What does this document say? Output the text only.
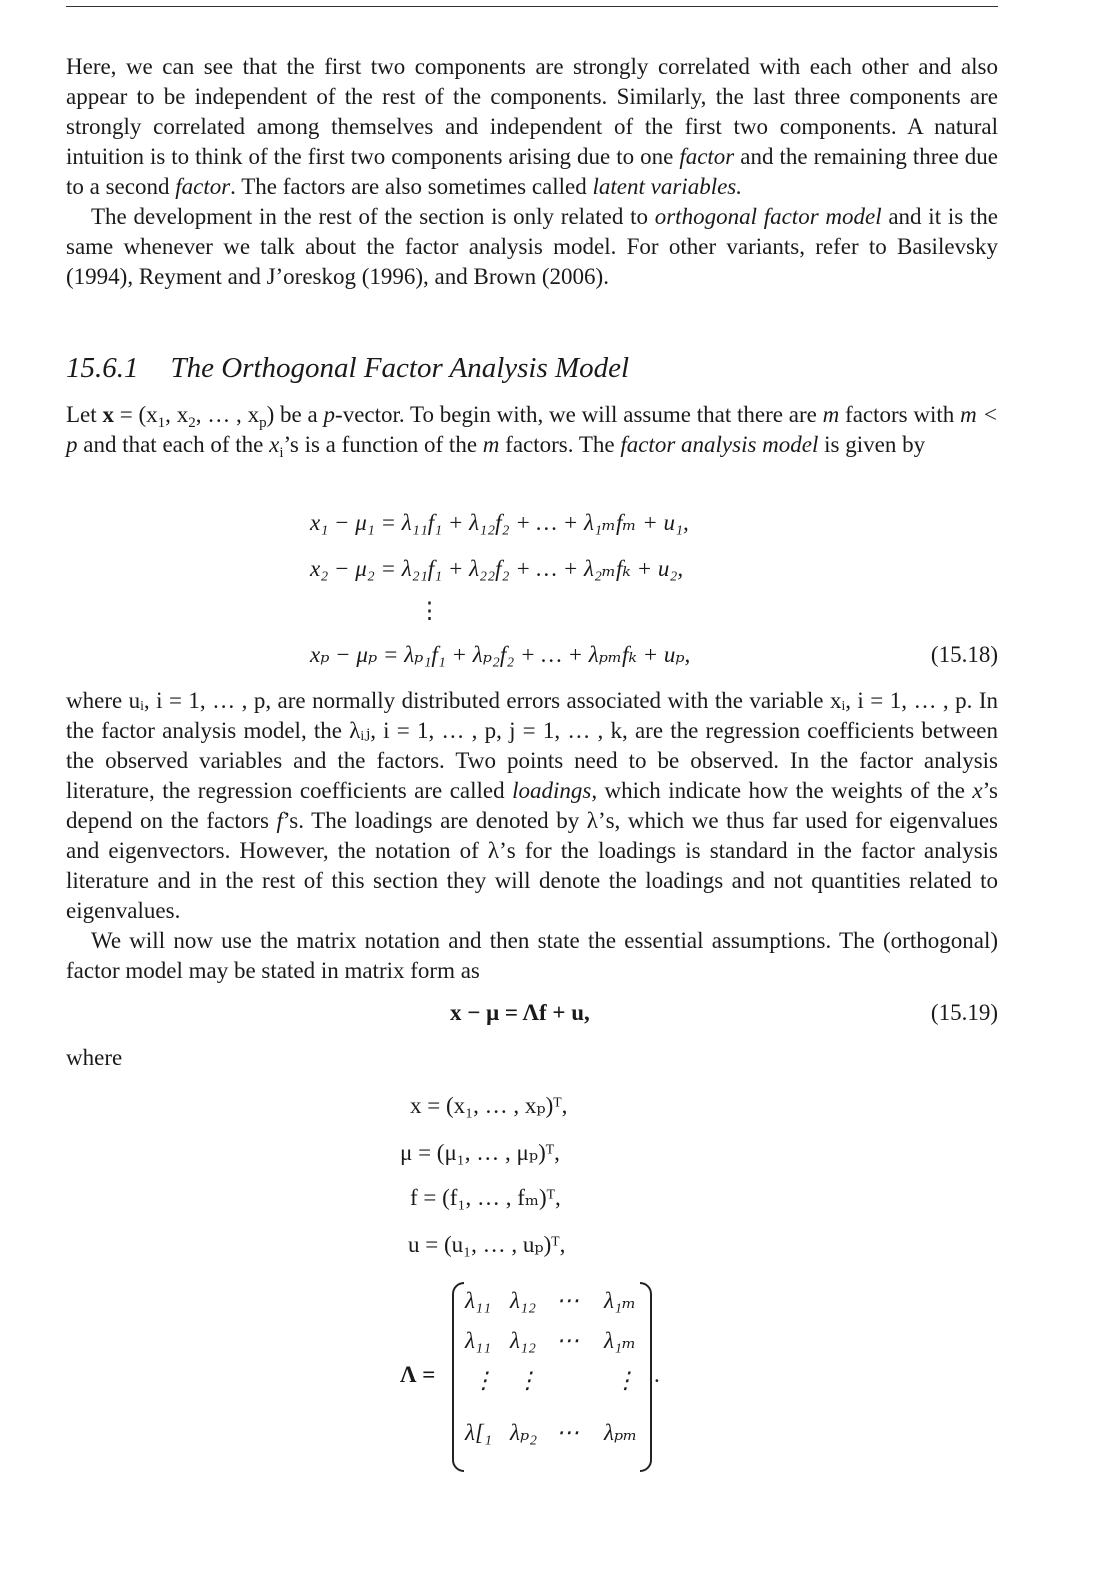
Here, we can see that the first two components are strongly correlated with each other and also appear to be independent of the rest of the components. Similarly, the last three components are strongly correlated among themselves and independent of the first two components. A natural intuition is to think of the first two components arising due to one factor and the remaining three due to a second factor. The factors are also sometimes called latent variables.

The development in the rest of the section is only related to orthogonal factor model and it is the same whenever we talk about the factor analysis model. For other variants, refer to Basilevsky (1994), Reyment and J’oreskog (1996), and Brown (2006).

15.6.1 The Orthogonal Factor Analysis Model

Let $x = (x_1$, $x_2$, … , $x_p$) be a p-vector. To begin with, we will assume that there are m factors with m < p and that each of the $x_i’s$ is a function of the m factors. The factor analysis model is given by

x₁ − μ₁ = λ₁₁f₁ + λ₁₂f₂ + … + λ₁ₘfₘ + u₁,
x₂ − μ₂ = λ₂₁f₁ + λ₂₂f₂ + … + λ₂ₘfₖ + u₂,
⋮
xₚ − μₚ = λₚ₁f₁ + λₚ₂f₂ + … + λₚₘfₖ + uₚ,	(15.18)

where uᵢ, i = 1, … , p, are normally distributed errors associated with the variable xᵢ, i = 1, … , p. In the factor analysis model, the λᵢⱼ, i = 1, … , p, j = 1, … , k, are the regression coefficients between the observed variables and the factors. Two points need to be observed. In the factor analysis literature, the regression coefficients are called loadings, which indicate how the weights of the x’s depend on the factors f’s. The loadings are denoted by λ’s, which we thus far used for eigenvalues and eigenvectors. However, the notation of λ’s for the loadings is standard in the factor analysis literature and in the rest of this section they will denote the loadings and not quantities related to eigenvalues.

We will now use the matrix notation and then state the essential assumptions. The (orthogonal) factor model may be stated in matrix form as

x − μ = Λf + u,	(15.19)
where
x = (x₁, … , xₚ)ᵀ,
μ = (μ₁, … , μₚ)ᵀ,
f = (f₁, … , fₘ)ᵀ,
u = (u₁, … , uₚ)ᵀ,
Λ =
λ₁₁ λ₁₂ ⋯ λ₁ₘ
λ₁₁ λ₁₂ ⋯ λ₁ₘ
⋮ ⋮	⋮
λ[₁ λₚ₂ ⋯ λₚₘ
.
